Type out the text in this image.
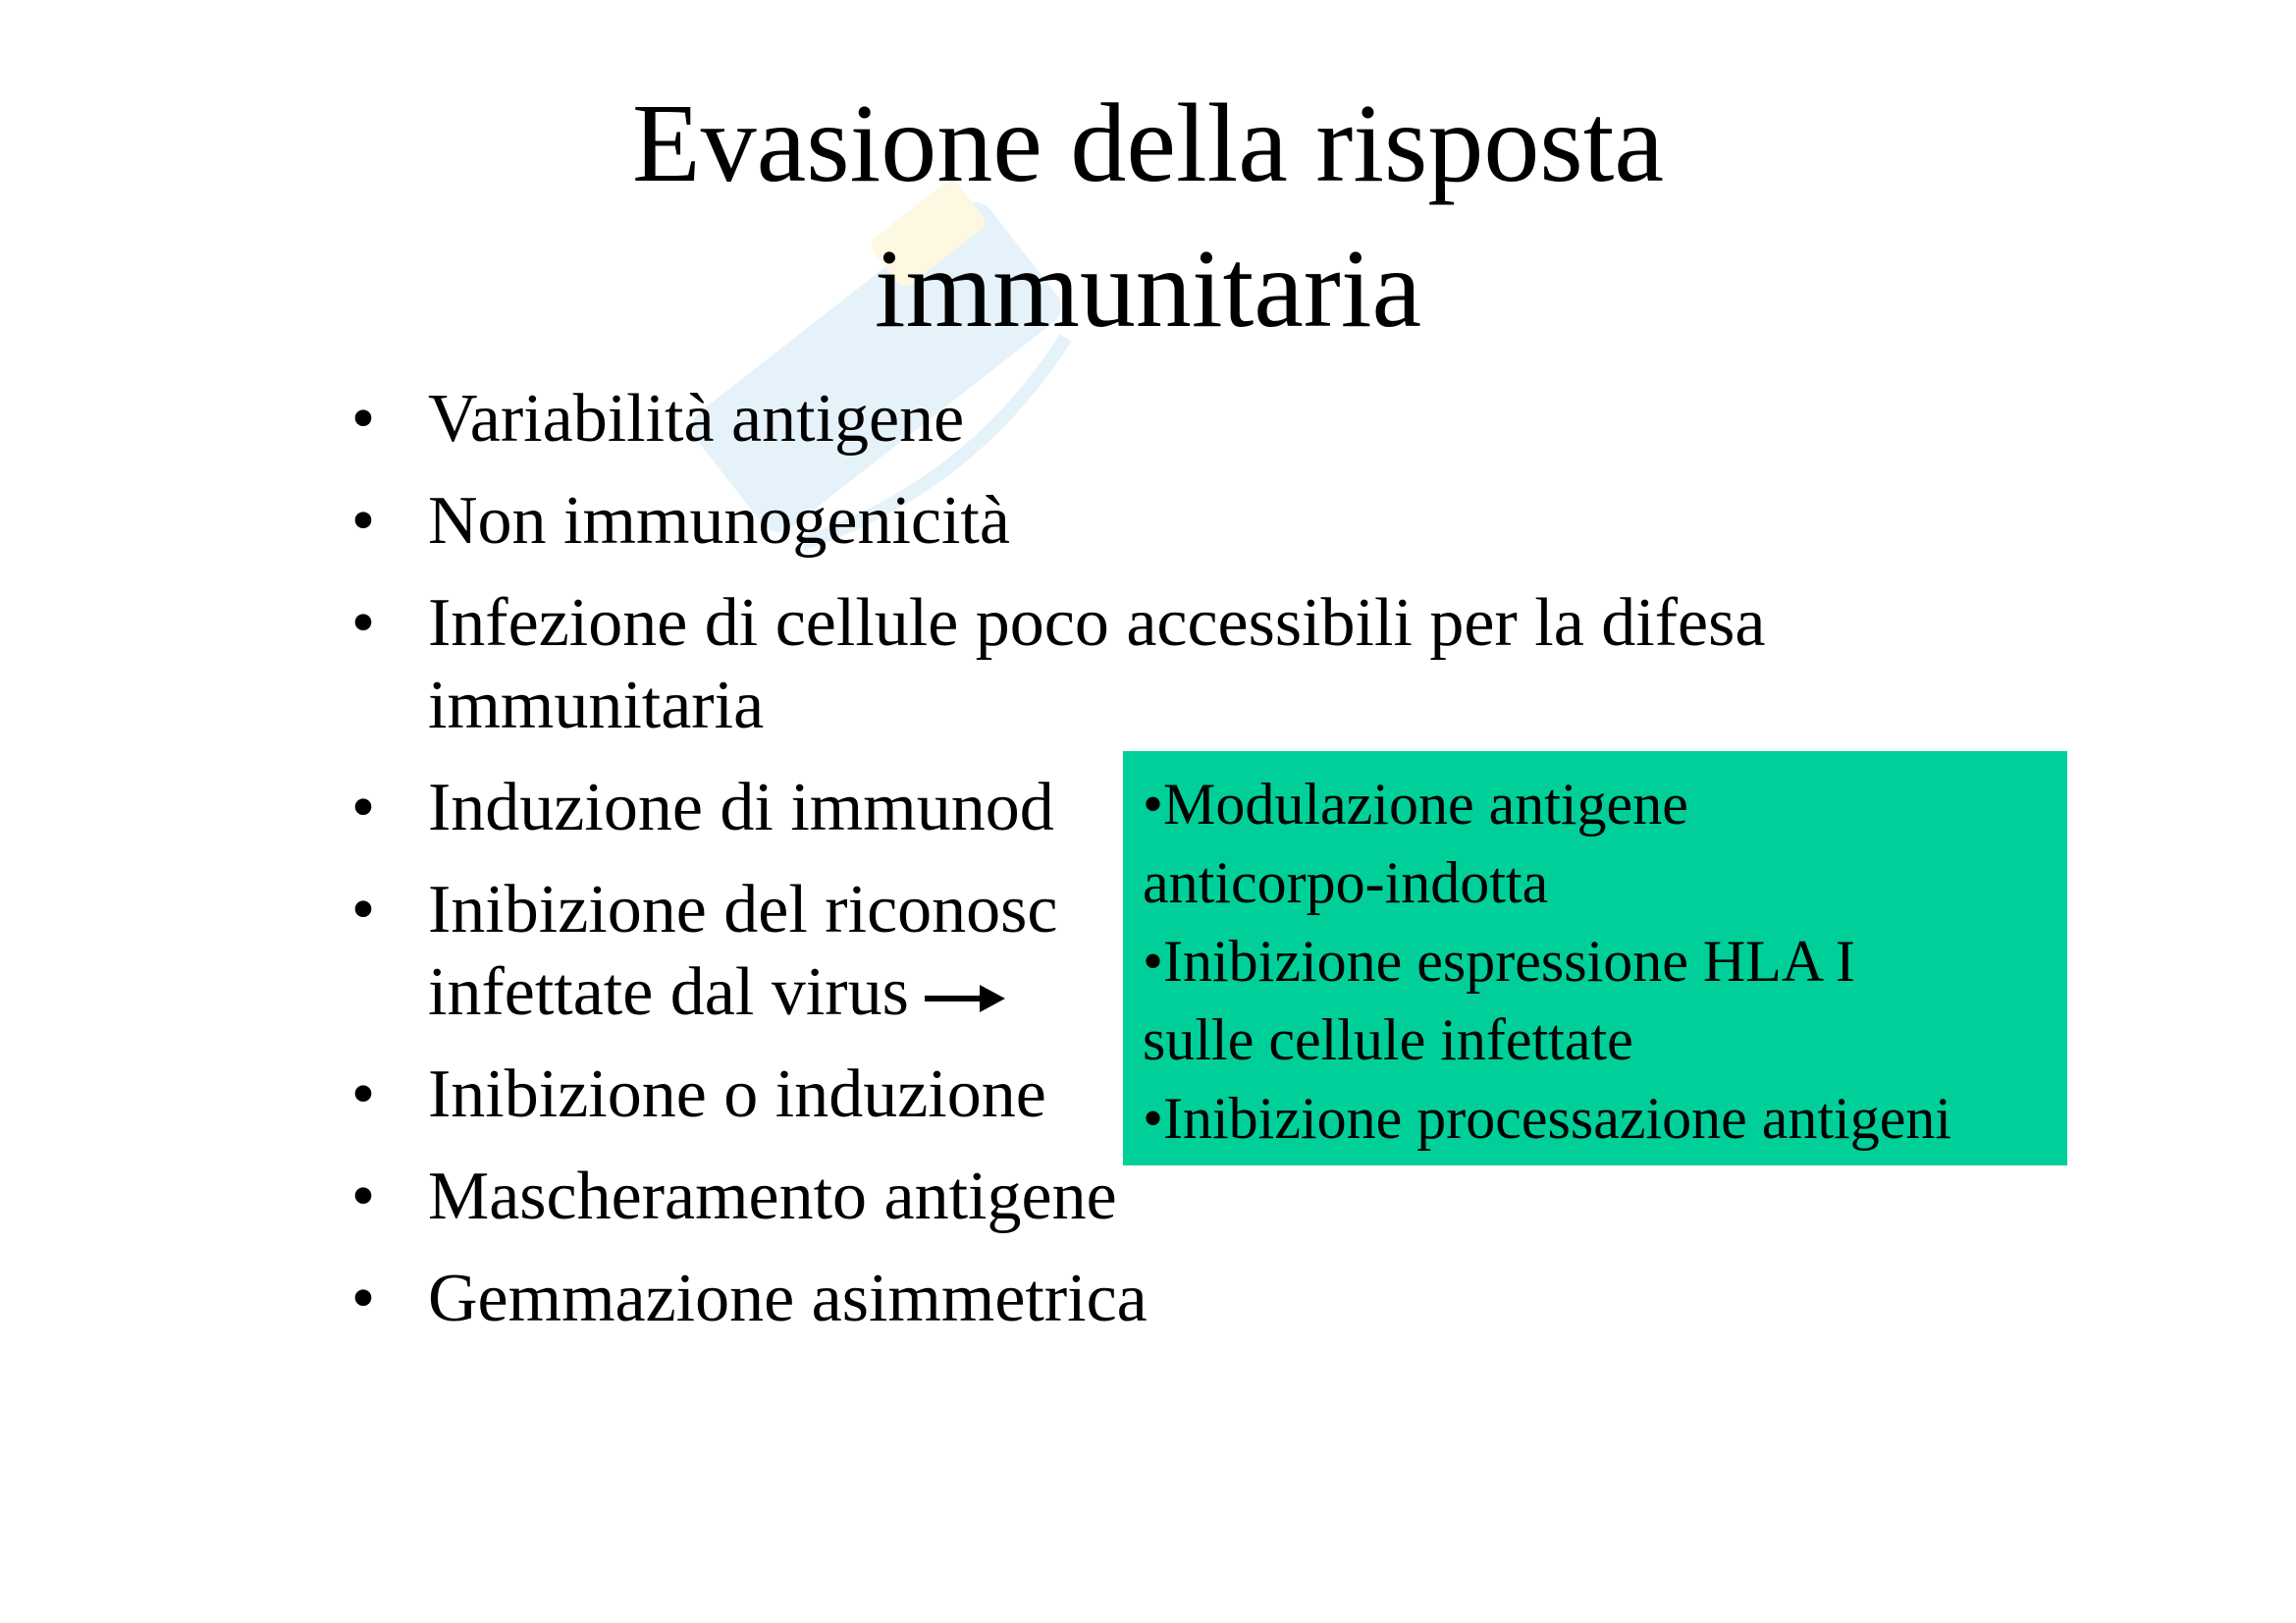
Evasione della risposta
immunitaria
• Variabilità antigene
• Non immunogenicità
• Infezione di cellule poco accessibili per la difesa
immunitaria
• Induzione di immunod
• Inibizione del riconosc
infettate dal virus
• Inibizione o induzione
• Mascheramento antigene
• Gemmazione asimmetrica
•Modulazione antigene
anticorpo-indotta
•Inibizione espressione HLA I
sulle cellule infettate
•Inibizione processazione antigeni
